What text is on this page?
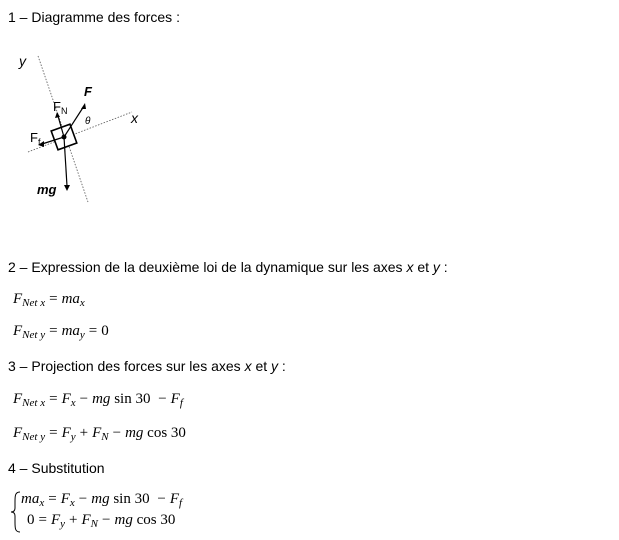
1 – Diagramme des forces :
y
x
F
$F_N$
$F_f$
mg
θ
2 – Expression de la deuxième loi de la dynamique sur les axes x et y :
$F_{Net x} = ma_x$
$F_{Net y} = ma_y = 0$
3 – Projection des forces sur les axes x et y :
$F_{Net x} = F_x$ − mg $\sin 30 - F_f$
$F_{Net y} = F_y + F_N$ − mg cos 30
4 – Substitution
$ma_x = F_x$ − mg $\sin 30 - F_f$
$0 = F_y + F_N$ − mg cos 30
